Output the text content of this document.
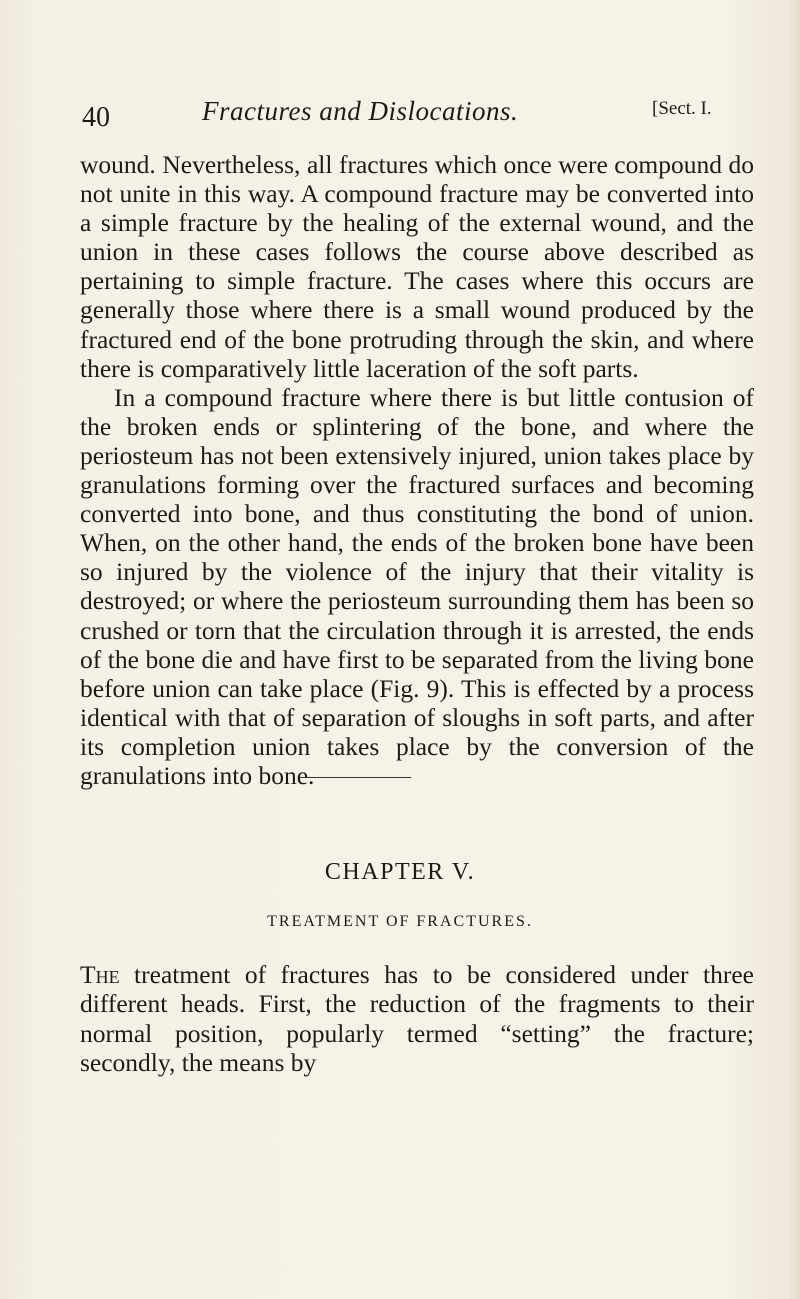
40	Fractures and Dislocations.	[Sect. I.

wound. Nevertheless, all fractures which once were compound do not unite in this way. A compound fracture may be converted into a simple fracture by the healing of the external wound, and the union in these cases follows the course above described as pertaining to simple fracture. The cases where this occurs are generally those where there is a small wound produced by the fractured end of the bone protruding through the skin, and where there is comparatively little laceration of the soft parts.

In a compound fracture where there is but little contusion of the broken ends or splintering of the bone, and where the periosteum has not been extensively injured, union takes place by granulations forming over the fractured surfaces and becoming converted into bone, and thus constituting the bond of union. When, on the other hand, the ends of the broken bone have been so injured by the violence of the injury that their vitality is destroyed; or where the periosteum surrounding them has been so crushed or torn that the circulation through it is arrested, the ends of the bone die and have first to be separated from the living bone before union can take place (Fig. 9). This is effected by a process identical with that of separation of sloughs in soft parts, and after its completion union takes place by the conversion of the granulations into bone.

CHAPTER V.
TREATMENT OF FRACTURES.

The treatment of fractures has to be considered under three different heads. First, the reduction of the fragments to their normal position, popularly termed “setting” the fracture; secondly, the means by
